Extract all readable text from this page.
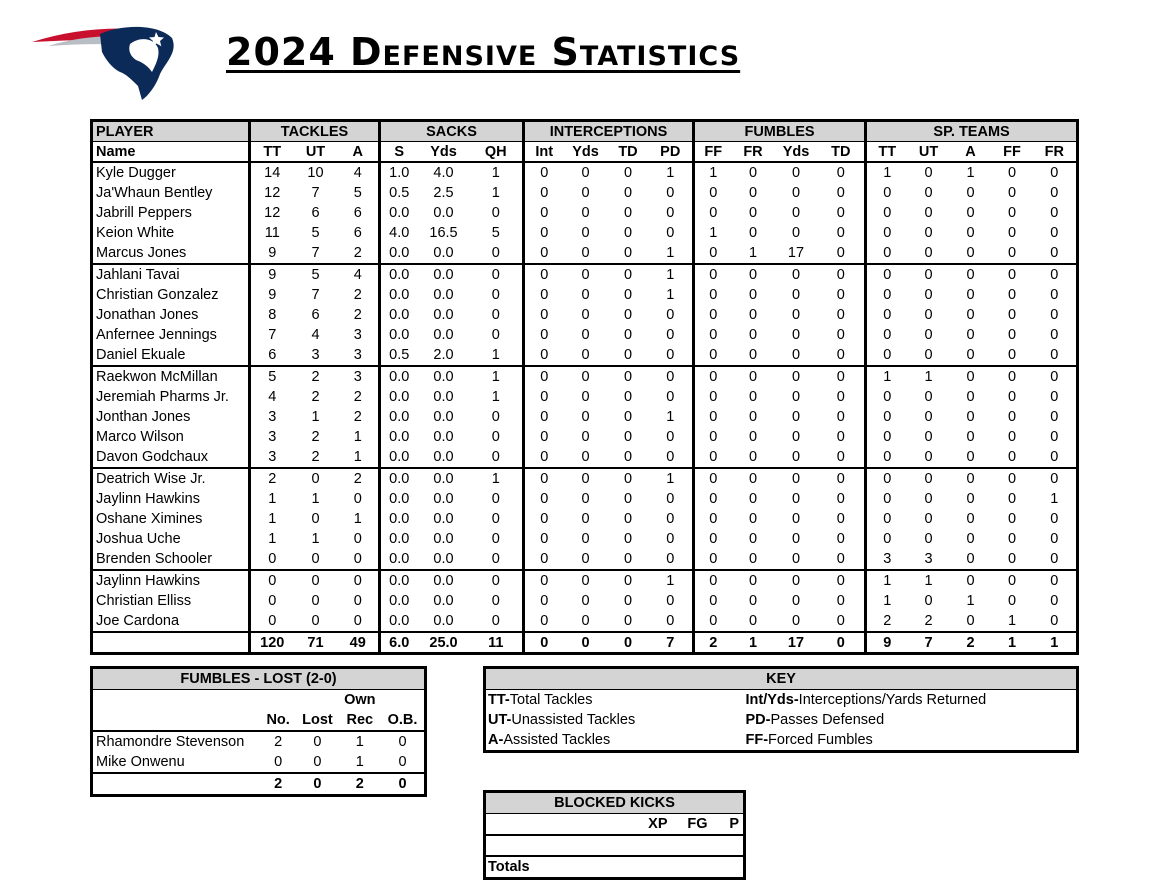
2024 Defensive Statistics
PLAYER	TACKLES			SACKS			INTERCEPTIONS				FUMBLES				SP. TEAMS				
Name	TT	UT	A	S	Yds	QH	Int	Yds	TD	PD	FF	FR	Yds	TD	TT	UT	A	FF	FR
Kyle Dugger	14	10	4	1.0	4.0	1	0	0	0	1	1	0	0	0	1	0	1	0	0
Ja'Whaun Bentley	12	7	5	0.5	2.5	1	0	0	0	0	0	0	0	0	0	0	0	0	0
Jabrill Peppers	12	6	6	0.0	0.0	0	0	0	0	0	0	0	0	0	0	0	0	0	0
Keion White	11	5	6	4.0	16.5	5	0	0	0	0	1	0	0	0	0	0	0	0	0
Marcus Jones	9	7	2	0.0	0.0	0	0	0	0	1	0	1	17	0	0	0	0	0	0
Jahlani Tavai	9	5	4	0.0	0.0	0	0	0	0	1	0	0	0	0	0	0	0	0	0
Christian Gonzalez	9	7	2	0.0	0.0	0	0	0	0	1	0	0	0	0	0	0	0	0	0
Jonathan Jones	8	6	2	0.0	0.0	0	0	0	0	0	0	0	0	0	0	0	0	0	0
Anfernee Jennings	7	4	3	0.0	0.0	0	0	0	0	0	0	0	0	0	0	0	0	0	0
Daniel Ekuale	6	3	3	0.5	2.0	1	0	0	0	0	0	0	0	0	0	0	0	0	0
Raekwon McMillan	5	2	3	0.0	0.0	1	0	0	0	0	0	0	0	0	1	1	0	0	0
Jeremiah Pharms Jr.	4	2	2	0.0	0.0	1	0	0	0	0	0	0	0	0	0	0	0	0	0
Jonthan Jones	3	1	2	0.0	0.0	0	0	0	0	1	0	0	0	0	0	0	0	0	0
Marco Wilson	3	2	1	0.0	0.0	0	0	0	0	0	0	0	0	0	0	0	0	0	0
Davon Godchaux	3	2	1	0.0	0.0	0	0	0	0	0	0	0	0	0	0	0	0	0	0
Deatrich Wise Jr.	2	0	2	0.0	0.0	1	0	0	0	1	0	0	0	0	0	0	0	0	0
Jaylinn Hawkins	1	1	0	0.0	0.0	0	0	0	0	0	0	0	0	0	0	0	0	0	1
Oshane Ximines	1	0	1	0.0	0.0	0	0	0	0	0	0	0	0	0	0	0	0	0	0
Joshua Uche	1	1	0	0.0	0.0	0	0	0	0	0	0	0	0	0	0	0	0	0	0
Brenden Schooler	0	0	0	0.0	0.0	0	0	0	0	0	0	0	0	0	3	3	0	0	0
Jaylinn Hawkins	0	0	0	0.0	0.0	0	0	0	0	1	0	0	0	0	1	1	0	0	0
Christian Elliss	0	0	0	0.0	0.0	0	0	0	0	0	0	0	0	0	1	0	1	0	0
Joe Cardona	0	0	0	0.0	0.0	0	0	0	0	0	0	0	0	0	2	2	0	1	0
	120	71	49	6.0	25.0	11	0	0	0	7	2	1	17	0	9	7	2	1	1
FUMBLES - LOST (2-0)				
			Own	
	No.	Lost	Rec	O.B.
Rhamondre Stevenson	2	0	1	0
Mike Onwenu	0	0	1	0
	2	0	2	0
KEY	
TT-Total Tackles	Int/Yds-Interceptions/Yards Returned
UT-Unassisted Tackles	PD-Passes Defensed
A-Assisted Tackles	FF-Forced Fumbles
BLOCKED KICKS
	XP	FG	P

Totals
